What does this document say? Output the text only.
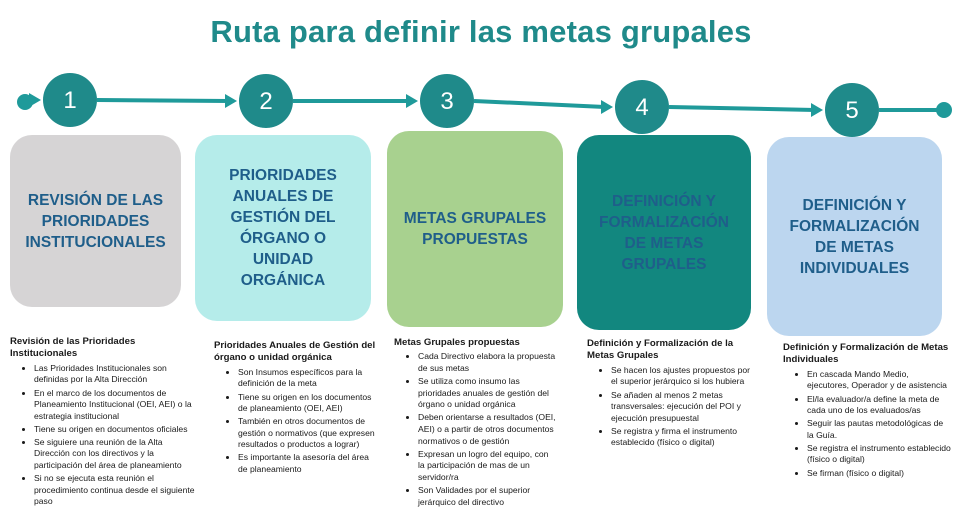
Ruta para definir las metas grupales
1	2	3	4	5
REVISIÓN DE LAS PRIORIDADES INSTITUCIONALES
PRIORIDADES ANUALES DE GESTIÓN DEL ÓRGANO O UNIDAD ORGÁNICA
METAS GRUPALES PROPUESTAS
DEFINICIÓN Y FORMALIZACIÓN DE METAS GRUPALES
DEFINICIÓN Y FORMALIZACIÓN DE METAS INDIVIDUALES
Revisión de las Prioridades Institucionales
• Las Prioridades Institucionales son definidas por la Alta Dirección
• En el marco de los documentos de Planeamiento Institucional (OEI, AEI) o la estrategia institucional
• Tiene su origen en documentos oficiales
• Se siguiere una reunión de la Alta Dirección con los directivos y la participación del área de planeamiento
• Si no se ejecuta esta reunión el procedimiento continua desde el siguiente paso
Prioridades Anuales de Gestión del órgano o unidad orgánica
• Son Insumos específicos para la definición de la meta
• Tiene su origen en los documentos de planeamiento (OEI, AEI)
• También en otros documentos de gestión o normativos (que expresen resultados o productos a lograr)
• Es importante la asesoría del área de planeamiento
Metas Grupales propuestas
• Cada Directivo elabora la propuesta de sus metas
• Se utiliza como insumo las prioridades anuales de gestión del órgano o unidad orgánica
• Deben orientarse a resultados (OEI, AEI) o a partir de otros documentos normativos o de gestión
• Expresan un logro del equipo, con la participación de mas de un servidor/ra
• Son Validades por el superior jerárquico del directivo
Definición y Formalización de la Metas Grupales
• Se hacen los ajustes propuestos por el superior jerárquico si los hubiera
• Se añaden al menos 2 metas transversales: ejecución del POI y ejecución presupuestal
• Se registra y firma el instrumento establecido (físico o digital)
Definición y Formalización de Metas Individuales
• En cascada Mando Medio, ejecutores, Operador y de asistencia
• El/la evaluador/a define la meta de cada uno de los evaluados/as
• Seguir las pautas metodológicas de la Guía.
• Se registra el instrumento establecido (físico o digital)
• Se firman (físico o digital)
